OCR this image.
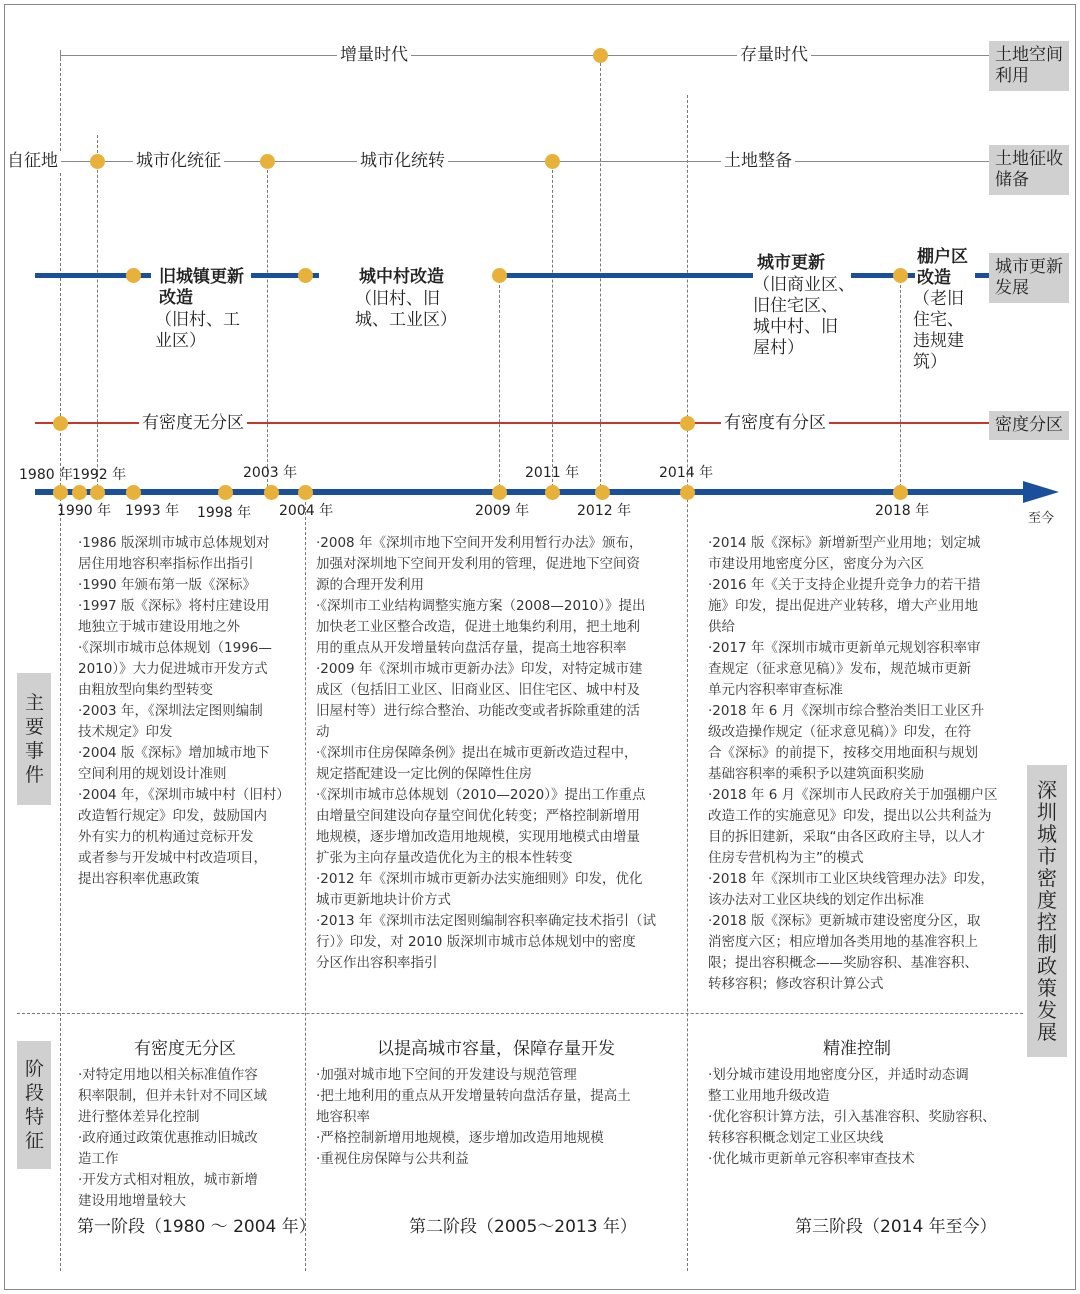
增量时代	存量时代	土地空间
利用
自征地	城市化统征	城市化统转	土地整备	土地征收
储备
旧城镇更新
改造
（旧村、工
业区）
城中村改造
（旧村、旧
城、工业区）
城市更新
（旧商业区、
旧住宅区、
城中村、旧
屋村）
棚户区
改造
（老旧
住宅、
违规建
筑）
城市更新
发展
有密度无分区	有密度有分区	密度分区
1980 年
1992 年	2003 年	2011 年	2014 年
1990 年 1993 年 1998 年 2004 年	2009 年	2012 年	2018 年	至今
主
要
事
件
·1986 版深圳市城市总体规划对
居住用地容积率指标作出指引
·1990 年颁布第一版《深标》
·1997 版《深标》将村庄建设用
地独立于城市建设用地之外
·《深圳市城市总体规划（1996—
2010）》大力促进城市开发方式
由粗放型向集约型转变
·2003 年，《深圳法定图则编制
技术规定》印发
·2004 版《深标》增加城市地下
空间利用的规划设计准则
·2004 年，《深圳市城中村（旧村）
改造暂行规定》印发，鼓励国内
外有实力的机构通过竞标开发
或者参与开发城中村改造项目，
提出容积率优惠政策
·2008 年《深圳市地下空间开发利用暂行办法》颁布，
加强对深圳地下空间开发利用的管理，促进地下空间资
源的合理开发利用
·《深圳市工业结构调整实施方案（2008—2010）》提出
加快老工业区整合改造，促进土地集约利用，把土地利
用的重点从开发增量转向盘活存量，提高土地容积率
·2009 年《深圳市城市更新办法》印发，对特定城市建
成区（包括旧工业区、旧商业区、旧住宅区、城中村及
旧屋村等）进行综合整治、功能改变或者拆除重建的活
动
·《深圳市住房保障条例》提出在城市更新改造过程中，
规定搭配建设一定比例的保障性住房
·《深圳市城市总体规划（2010—2020）》提出工作重点
由增量空间建设向存量空间优化转变；严格控制新增用
地规模，逐步增加改造用地规模，实现用地模式由增量
扩张为主向存量改造优化为主的根本性转变
·2012 年《深圳市城市更新办法实施细则》印发，优化
城市更新地块计价方式
·2013 年《深圳市法定图则编制容积率确定技术指引（试
行）》印发，对 2010 版深圳市城市总体规划中的密度
分区作出容积率指引
·2014 版《深标》新增新型产业用地；划定城
市建设用地密度分区，密度分为六区
·2016 年《关于支持企业提升竞争力的若干措
施》印发，提出促进产业转移，增大产业用地
供给
·2017 年《深圳市城市更新单元规划容积率审
查规定（征求意见稿）》发布，规范城市更新
单元内容积率审查标准
·2018 年 6 月《深圳市综合整治类旧工业区升
级改造操作规定（征求意见稿）》印发，在符
合《深标》的前提下，按移交用地面积与规划
基础容积率的乘积予以建筑面积奖励
·2018 年 6 月《深圳市人民政府关于加强棚户区
改造工作的实施意见》印发，提出以公共利益为
目的拆旧建新，采取“由各区政府主导，以人才
住房专营机构为主”的模式
·2018 年《深圳市工业区块线管理办法》印发，
该办法对工业区块线的划定作出标准
·2018 版《深标》更新城市建设密度分区，取
消密度六区；相应增加各类用地的基准容积上
限；提出容积概念——奖励容积、基准容积、
转移容积；修改容积计算公式
深 圳 城 市 密 度 控 制 政 策 发 展
阶
段
特
征
有密度无分区
·对特定用地以相关标准值作容
积率限制，但并未针对不同区域
进行整体差异化控制
·政府通过政策优惠推动旧城改
造工作
·开发方式相对粗放，城市新增
建设用地增量较大
第一阶段（1980 ～ 2004 年）
以提高城市容量，保障存量开发
·加强对城市地下空间的开发建设与规范管理
·把土地利用的重点从开发增量转向盘活存量，提高土
地容积率
·严格控制新增用地规模，逐步增加改造用地规模
·重视住房保障与公共利益
第二阶段（2005～2013 年）
精准控制
·划分城市建设用地密度分区，并适时动态调
整工业用地升级改造
·优化容积计算方法，引入基准容积、奖励容积、
转移容积概念划定工业区块线
·优化城市更新单元容积率审查技术
第三阶段（2014 年至今）
